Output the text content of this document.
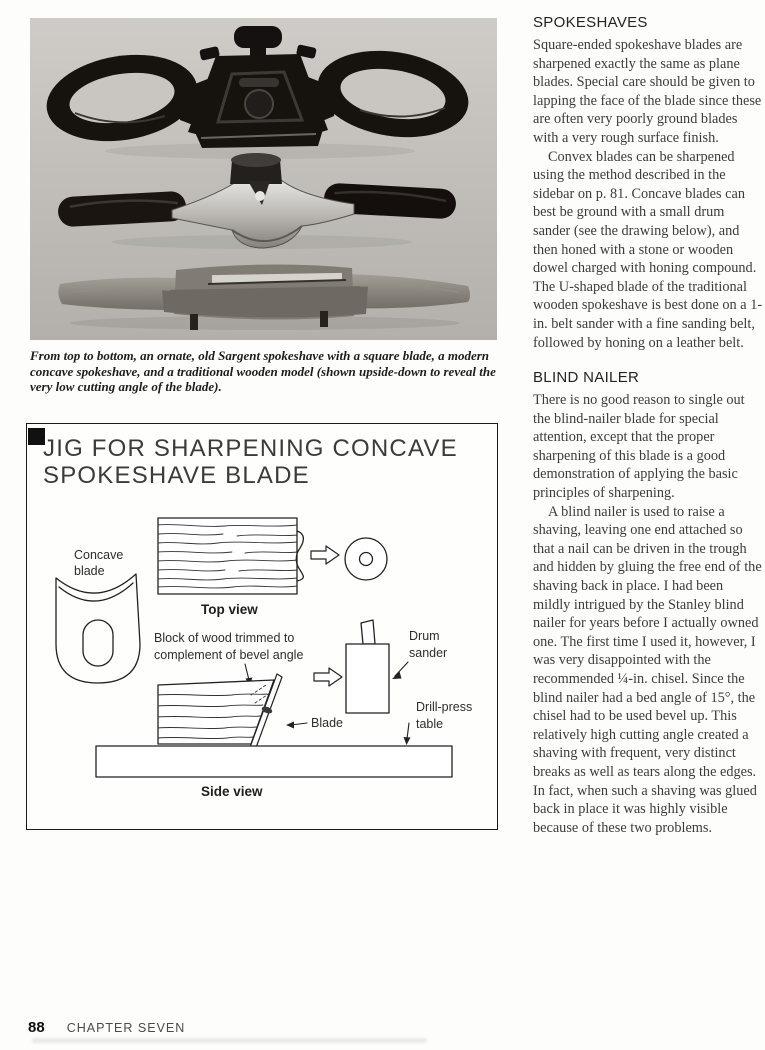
From top to bottom, an ornate, old Sargent spokeshave with a square blade, a modern concave spokeshave, and a traditional wooden model (shown upside-down to reveal the very low cutting angle of the blade).

JIG FOR SHARPENING CONCAVE
SPOKESHAVE BLADE
Concave
blade
Top view
Block of wood trimmed to
complement of bevel angle
Blade
Drum
sander
Drill-press
table
Side view
SPOKESHAVES

Square-ended spokeshave blades are sharpened exactly the same as plane blades. Special care should be given to lapping the face of the blade since these are often very poorly ground blades with a very rough surface finish.

Convex blades can be sharpened using the method described in the sidebar on p. 81. Concave blades can best be ground with a small drum sander (see the drawing below), and then honed with a stone or wooden dowel charged with honing compound. The U-shaped blade of the traditional wooden spokeshave is best done on a 1-in. belt sander with a fine sanding belt, followed by honing on a leather belt.

BLIND NAILER

There is no good reason to single out the blind-nailer blade for special attention, except that the proper sharpening of this blade is a good demonstration of applying the basic principles of sharpening.

A blind nailer is used to raise a shaving, leaving one end attached so that a nail can be driven in the trough and hidden by gluing the free end of the shaving back in place. I had been mildly intrigued by the Stanley blind nailer for years before I actually owned one. The first time I used it, however, I was very disappointed with the recommended ¼-in. chisel. Since the blind nailer had a bed angle of 15°, the chisel had to be used bevel up. This relatively high cutting angle created a shaving with frequent, very distinct breaks as well as tears along the edges. In fact, when such a shaving was glued back in place it was highly visible because of these two problems.

88 CHAPTER SEVEN
